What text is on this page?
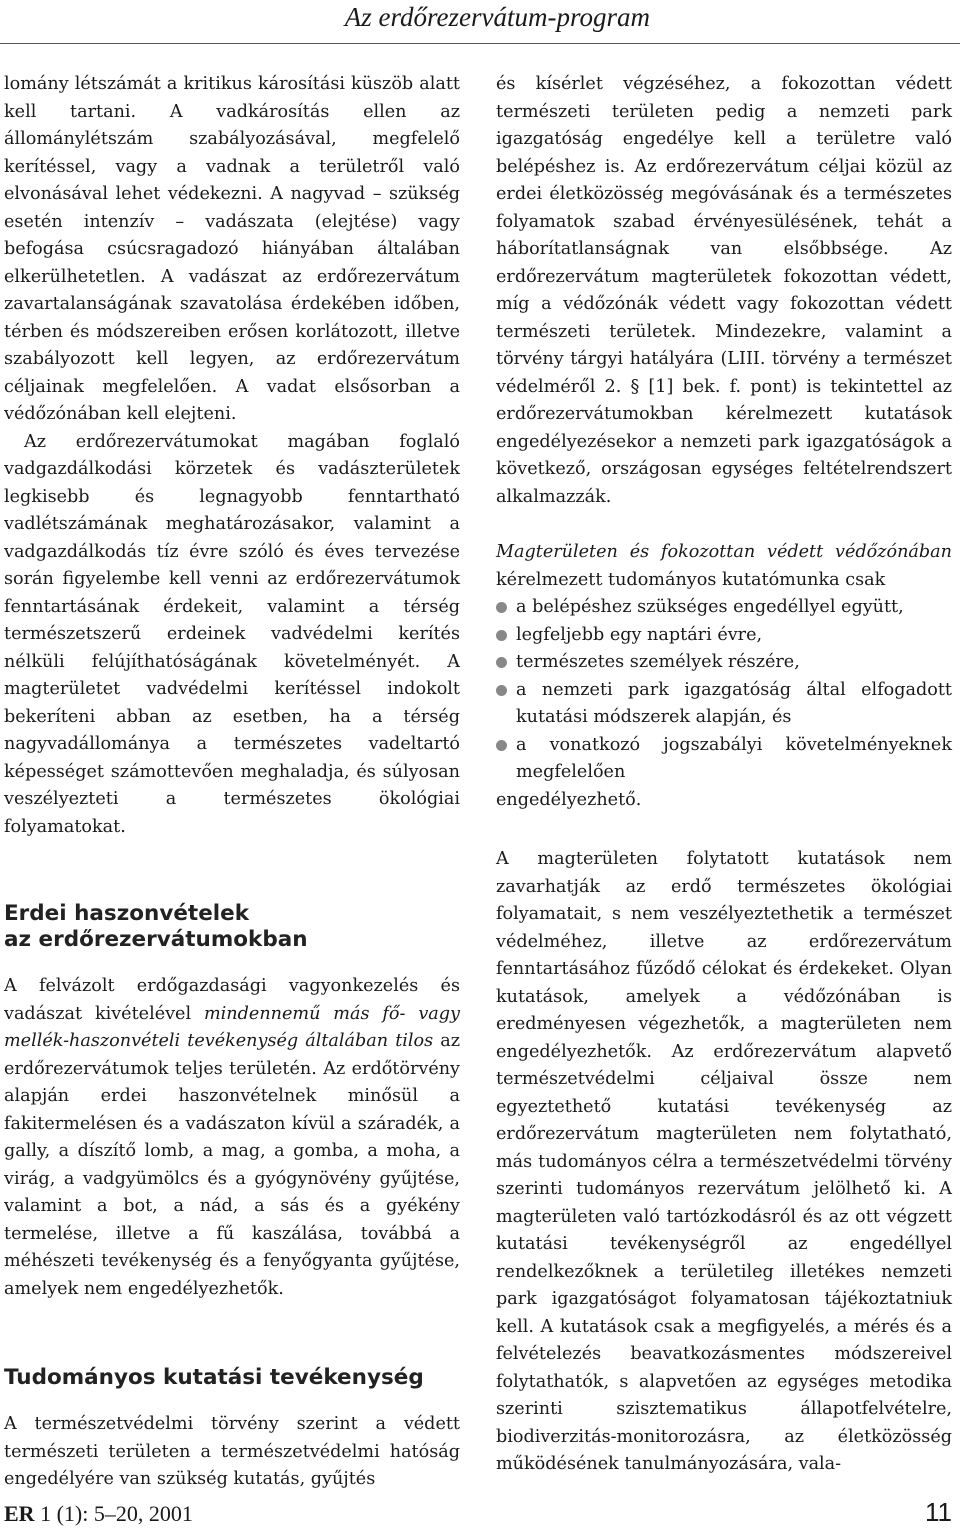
Az erdőrezervátum-program

lomány létszámát a kritikus károsítási küszöb alatt kell tartani. A vadkárosítás ellen az állománylétszám szabályozásával, megfelelő kerítéssel, vagy a vadnak a területről való elvonásával lehet védekezni. A nagyvad – szükség esetén intenzív – vadászata (elejtése) vagy befogása csúcsragadozó hiányában általában elkerülhetetlen. A vadászat az erdőrezervátum zavartalanságának szavatolása érdekében időben, térben és módszereiben erősen korlátozott, illetve szabályozott kell legyen, az erdőrezervátum céljainak megfelelően. A vadat elsősorban a védőzónában kell elejteni.

Az erdőrezervátumokat magában foglaló vadgazdálkodási körzetek és vadászterületek legkisebb és legnagyobb fenntartható vadlétszámának meghatározásakor, valamint a vadgazdálkodás tíz évre szóló és éves tervezése során figyelembe kell venni az erdőrezervátumok fenntartásának érdekeit, valamint a térség természetszerű erdeinek vadvédelmi kerítés nélküli felújíthatóságának követelményét. A magterületet vadvédelmi kerítéssel indokolt bekeríteni abban az esetben, ha a térség nagyvadállománya a természetes vadeltartó képességet számottevően meghaladja, és súlyosan veszélyezteti a természetes ökológiai folyamatokat.

Erdei haszonvételek
az erdőrezervátumokban

A felvázolt erdőgazdasági vagyonkezelés és vadászat kivételével mindennemű más fő- vagy mellék-haszonvételi tevékenység általában tilos az erdőrezervátumok teljes területén. Az erdőtörvény alapján erdei haszonvételnek minősül a fakitermelésen és a vadászaton kívül a száradék, a gally, a díszítő lomb, a mag, a gomba, a moha, a virág, a vadgyümölcs és a gyógynövény gyűjtése, valamint a bot, a nád, a sás és a gyékény termelése, illetve a fű kaszálása, továbbá a méhészeti tevékenység és a fenyőgyanta gyűjtése, amelyek nem engedélyezhetők.

Tudományos kutatási tevékenység

A természetvédelmi törvény szerint a védett természeti területen a természetvédelmi hatóság engedélyére van szükség kutatás, gyűjtés

és kísérlet végzéséhez, a fokozottan védett természeti területen pedig a nemzeti park igazgatóság engedélye kell a területre való belépéshez is. Az erdőrezervátum céljai közül az erdei életközösség megóvásának és a természetes folyamatok szabad érvényesülésének, tehát a háborítatlanságnak van elsőbbsége. Az erdőrezervátum magterületek fokozottan védett, míg a védőzónák védett vagy fokozottan védett természeti területek. Mindezekre, valamint a törvény tárgyi hatályára (LIII. törvény a természet védelméről 2. § [1] bek. f. pont) is tekintettel az erdőrezervátumokban kérelmezett kutatások engedélyezésekor a nemzeti park igazgatóságok a következő, országosan egységes feltételrendszert alkalmazzák.

Magterületen és fokozottan védett védőzónában kérelmezett tudományos kutatómunka csak

a belépéshez szükséges engedéllyel együtt,
legfeljebb egy naptári évre,
természetes személyek részére,
a nemzeti park igazgatóság által elfogadott kutatási módszerek alapján, és
a vonatkozó jogszabályi követelményeknek megfelelően

engedélyezhető.

A magterületen folytatott kutatások nem zavarhatják az erdő természetes ökológiai folyamatait, s nem veszélyeztethetik a természet védelméhez, illetve az erdőrezervátum fenntartásához fűződő célokat és érdekeket. Olyan kutatások, amelyek a védőzónában is eredményesen végezhetők, a magterületen nem engedélyezhetők. Az erdőrezervátum alapvető természetvédelmi céljaival össze nem egyeztethető kutatási tevékenység az erdőrezervátum magterületen nem folytatható, más tudományos célra a természetvédelmi törvény szerinti tudományos rezervátum jelölhető ki. A magterületen való tartózkodásról és az ott végzett kutatási tevékenységről az engedéllyel rendelkezőknek a területileg illetékes nemzeti park igazgatóságot folyamatosan tájékoztatniuk kell. A kutatások csak a megfigyelés, a mérés és a felvételezés beavatkozásmentes módszereivel folytathatók, s alapvetően az egységes metodika szerinti szisztematikus állapotfelvételre, biodiverzitás-monitorozásra, az életközösség működésének tanulmányozására, vala-

ER 1 (1): 5–20, 2001	11
